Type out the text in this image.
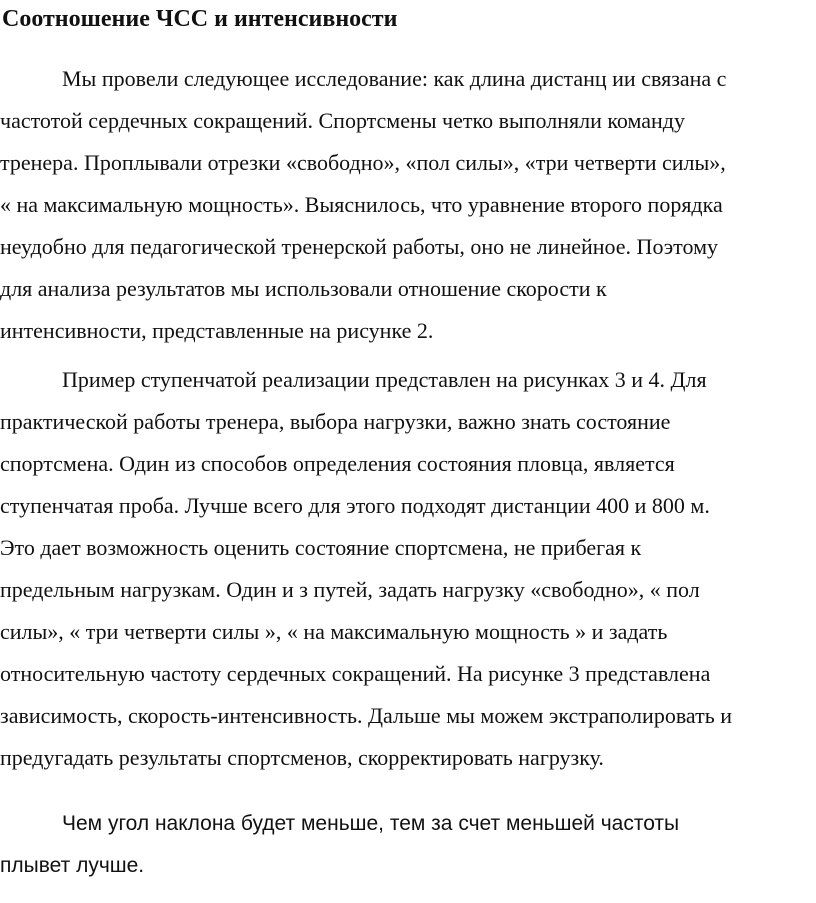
Соотношение ЧСС и интенсивности

Мы провели следующее исследование: как длина дистанц ии связана с
частотой сердечных сокращений. Спортсмены четко выполняли команду
тренера. Проплывали отрезки «свободно», «пол силы», «три четверти силы»,
« на максимальную мощность». Выяснилось, что уравнение второго порядка
неудобно для педагогической тренерской работы, оно не линейное. Поэтому
для анализа результатов мы использовали отношение скорости к
интенсивности, представленные на рисунке 2.

Пример ступенчатой реализации представлен на рисунках 3 и 4. Для
практической работы тренера, выбора нагрузки, важно знать состояние
спортсмена. Один из способов определения состояния пловца, является
ступенчатая проба. Лучше всего для этого подходят дистанции 400 и 800 м.
Это дает возможность оценить состояние спортсмена, не прибегая к
предельным нагрузкам. Один и з путей, задать нагрузку «свободно», « пол
силы», « три четверти силы », « на максимальную мощность » и задать
относительную частоту сердечных сокращений. На рисунке 3 представлена
зависимость, скорость-интенсивность. Дальше мы можем экстраполировать и
предугадать результаты спортсменов, скорректировать нагрузку.

Чем угол наклона будет меньше, тем за счет меньшей частоты
плывет лучше.
